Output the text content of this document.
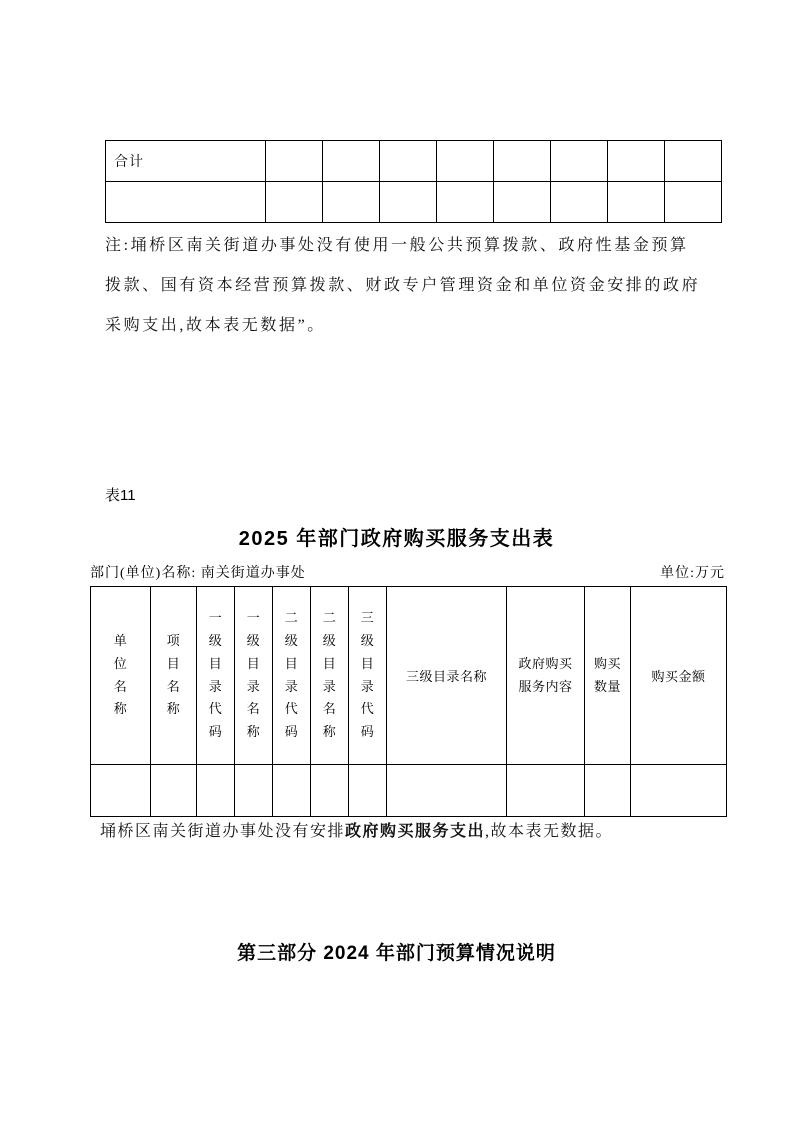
合计								

注:埇桥区南关街道办事处没有使用一般公共预算拨款、政府性基金预算
拨款、国有资本经营预算拨款、财政专户管理资金和单位资金安排的政府
采购支出,故本表无数据”。
表11
2025 年部门政府购买服务支出表
部门(单位)名称: 南关街道办事处	单位:万元
单位名称	项目名称	一级目录代码	一级目录名称	二级目录代码	二级目录名称	三级目录代码	三级目录名称	政府购买服务内容	购买数量	购买金额

埇桥区南关街道办事处没有安排政府购买服务支出,故本表无数据。
第三部分 2024 年部门预算情况说明
